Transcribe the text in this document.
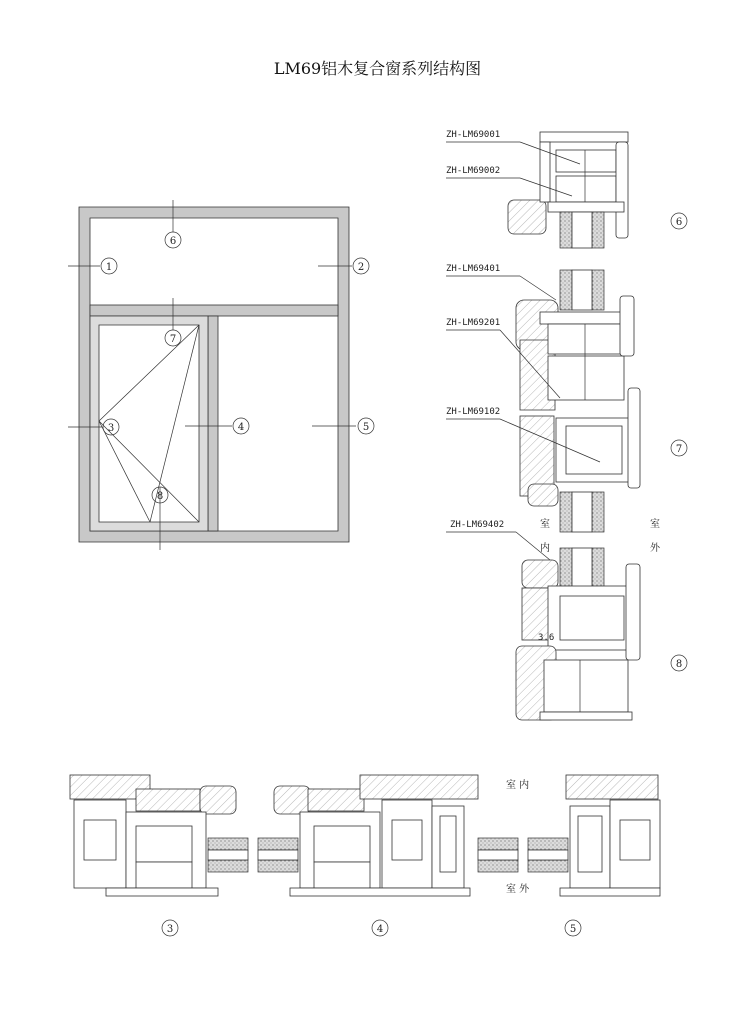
LM69铝木复合窗系列结构图
1	2
3	4	5
6
7
8
ZH-LM69001
ZH-LM69002
ZH-LM69401
ZH-LM69201
ZH-LM69102
ZH-LM69402	室
内
室
外
3.6
6
7
8
室 内
室 外
3	4	5
